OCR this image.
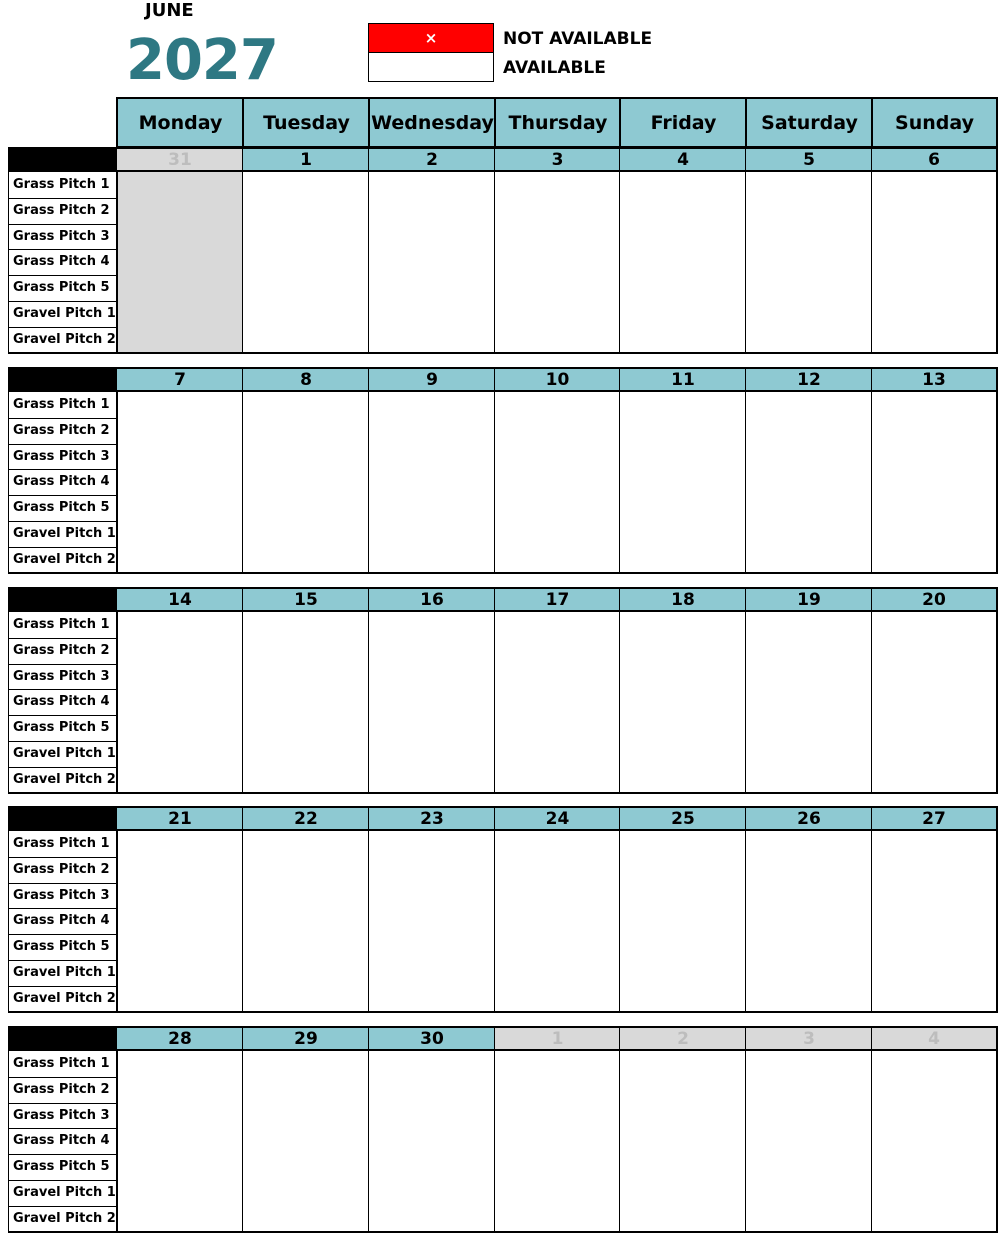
JUNE
2027	×	NOT AVAILABLE
AVAILABLE
Monday	Tuesday	Wednesday Thursday	Friday	Saturday	Sunday
31	1	2	3	4	5	6
Grass Pitch 1
Grass Pitch 2
Grass Pitch 3
Grass Pitch 4
Grass Pitch 5
Gravel Pitch 1
Gravel Pitch 2
7	8	9	10	11	12	13
Grass Pitch 1
Grass Pitch 2
Grass Pitch 3
Grass Pitch 4
Grass Pitch 5
Gravel Pitch 1
Gravel Pitch 2
14	15	16	17	18	19	20
Grass Pitch 1
Grass Pitch 2
Grass Pitch 3
Grass Pitch 4
Grass Pitch 5
Gravel Pitch 1
Gravel Pitch 2
21	22	23	24	25	26	27
Grass Pitch 1
Grass Pitch 2
Grass Pitch 3
Grass Pitch 4
Grass Pitch 5
Gravel Pitch 1
Gravel Pitch 2
28	29	30	1	2	3	4
Grass Pitch 1
Grass Pitch 2
Grass Pitch 3
Grass Pitch 4
Grass Pitch 5
Gravel Pitch 1
Gravel Pitch 2
